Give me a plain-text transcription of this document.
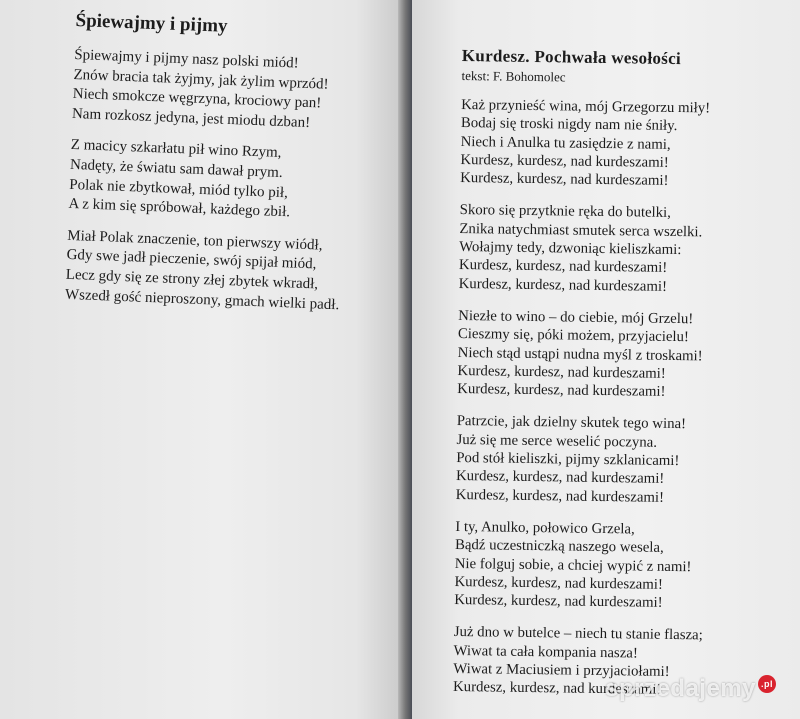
Śpiewajmy i pijmy
Śpiewajmy i pijmy nasz polski miód!
Znów bracia tak żyjmy, jak żylim wprzód!
Niech smokcze węgrzyna, krociowy pan!
Nam rozkosz jedyna, jest miodu dzban!
Z macicy szkarłatu pił wino Rzym,
Nadęty, że światu sam dawał prym.
Polak nie zbytkował, miód tylko pił,
A z kim się spróbował, każdego zbił.
Miał Polak znaczenie, ton pierwszy wiódł,
Gdy swe jadł pieczenie, swój spijał miód,
Lecz gdy się ze strony złej zbytek wkradł,
Wszedł gość nieproszony, gmach wielki padł.
Kurdesz. Pochwała wesołości
tekst: F. Bohomolec
Każ przynieść wina, mój Grzegorzu miły!
Bodaj się troski nigdy nam nie śniły.
Niech i Anulka tu zasiędzie z nami,
Kurdesz, kurdesz, nad kurdeszami!
Kurdesz, kurdesz, nad kurdeszami!
Skoro się przytknie ręka do butelki,
Znika natychmiast smutek serca wszelki.
Wołajmy tedy, dzwoniąc kieliszkami:
Kurdesz, kurdesz, nad kurdeszami!
Kurdesz, kurdesz, nad kurdeszami!
Niezłe to wino – do ciebie, mój Grzelu!
Cieszmy się, póki możem, przyjacielu!
Niech stąd ustąpi nudna myśl z troskami!
Kurdesz, kurdesz, nad kurdeszami!
Kurdesz, kurdesz, nad kurdeszami!
Patrzcie, jak dzielny skutek tego wina!
Już się me serce weselić poczyna.
Pod stół kieliszki, pijmy szklanicami!
Kurdesz, kurdesz, nad kurdeszami!
Kurdesz, kurdesz, nad kurdeszami!
I ty, Anulko, połowico Grzela,
Bądź uczestniczką naszego wesela,
Nie folguj sobie, a chciej wypić z nami!
Kurdesz, kurdesz, nad kurdeszami!
Kurdesz, kurdesz, nad kurdeszami!
Już dno w butelce – niech tu stanie flasza;
Wiwat ta cała kompania nasza!
Wiwat z Maciusiem i przyjaciołami!
Kurdesz, kurdesz, nad kurdeszami!
sprzedajemy .pl
